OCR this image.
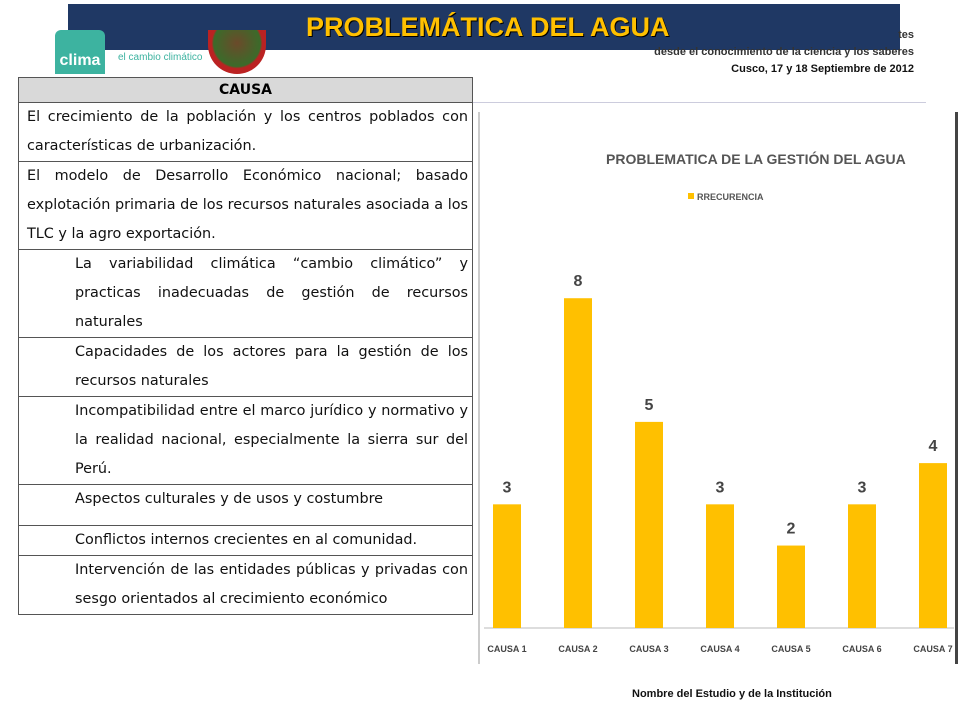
PROBLEMÁTICA DEL AGUA
clima el cambio climático
tes
desde el conocimiento de la ciencia y los saberes
Cusco, 17 y 18 Septiembre de 2012
CAUSA
El crecimiento de la población y los centros poblados con características de urbanización.
El modelo de Desarrollo Económico nacional; basado explotación primaria de los recursos naturales asociada a los TLC y la agro exportación.
La variabilidad climática “cambio climático” y practicas inadecuadas de gestión de recursos naturales
Capacidades de los actores para la gestión de los recursos naturales
Incompatibilidad entre el marco jurídico y normativo y la realidad nacional, especialmente la sierra sur del Perú.
Aspectos culturales y de usos y costumbre
Conflictos internos crecientes en al comunidad.
Intervención de las entidades públicas y privadas con sesgo orientados al crecimiento económico
PROBLEMATICA DE LA GESTIÓN DEL AGUA
RRECURENCIA
3
CAUSA 1
8
CAUSA 2
5
CAUSA 3
3
CAUSA 4
2
CAUSA 5
3
CAUSA 6
4
CAUSA 7
Nombre del Estudio y de la Institución
